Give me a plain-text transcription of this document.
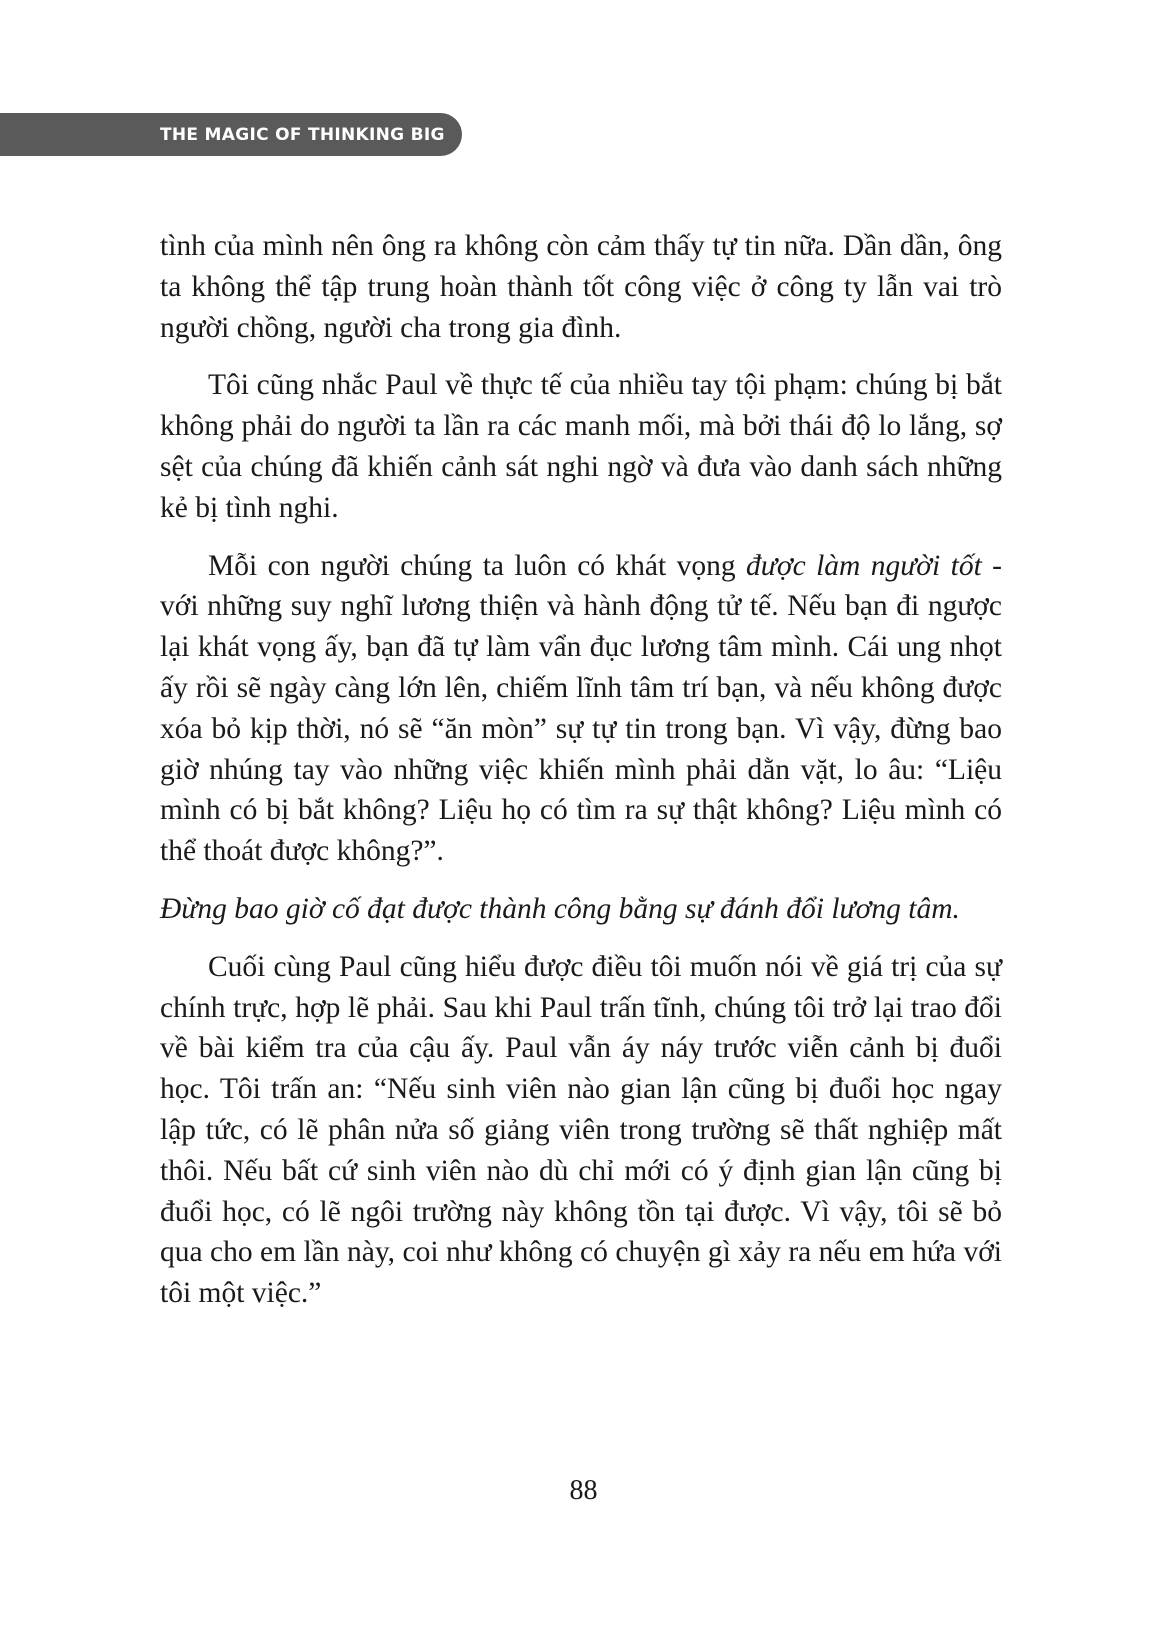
THE MAGIC OF THINKING BIG

tình của mình nên ông ra không còn cảm thấy tự tin nữa. Dần dần, ông ta không thể tập trung hoàn thành tốt công việc ở công ty lẫn vai trò người chồng, người cha trong gia đình.

Tôi cũng nhắc Paul về thực tế của nhiều tay tội phạm: chúng bị bắt không phải do người ta lần ra các manh mối, mà bởi thái độ lo lắng, sợ sệt của chúng đã khiến cảnh sát nghi ngờ và đưa vào danh sách những kẻ bị tình nghi.

Mỗi con người chúng ta luôn có khát vọng được làm người tốt - với những suy nghĩ lương thiện và hành động tử tế. Nếu bạn đi ngược lại khát vọng ấy, bạn đã tự làm vẩn đục lương tâm mình. Cái ung nhọt ấy rồi sẽ ngày càng lớn lên, chiếm lĩnh tâm trí bạn, và nếu không được xóa bỏ kịp thời, nó sẽ “ăn mòn” sự tự tin trong bạn. Vì vậy, đừng bao giờ nhúng tay vào những việc khiến mình phải dằn vặt, lo âu: “Liệu mình có bị bắt không? Liệu họ có tìm ra sự thật không? Liệu mình có thể thoát được không?”.

Đừng bao giờ cố đạt được thành công bằng sự đánh đổi lương tâm.

Cuối cùng Paul cũng hiểu được điều tôi muốn nói về giá trị của sự chính trực, hợp lẽ phải. Sau khi Paul trấn tĩnh, chúng tôi trở lại trao đổi về bài kiểm tra của cậu ấy. Paul vẫn áy náy trước viễn cảnh bị đuổi học. Tôi trấn an: “Nếu sinh viên nào gian lận cũng bị đuổi học ngay lập tức, có lẽ phân nửa số giảng viên trong trường sẽ thất nghiệp mất thôi. Nếu bất cứ sinh viên nào dù chỉ mới có ý định gian lận cũng bị đuổi học, có lẽ ngôi trường này không tồn tại được. Vì vậy, tôi sẽ bỏ qua cho em lần này, coi như không có chuyện gì xảy ra nếu em hứa với tôi một việc.”

88
